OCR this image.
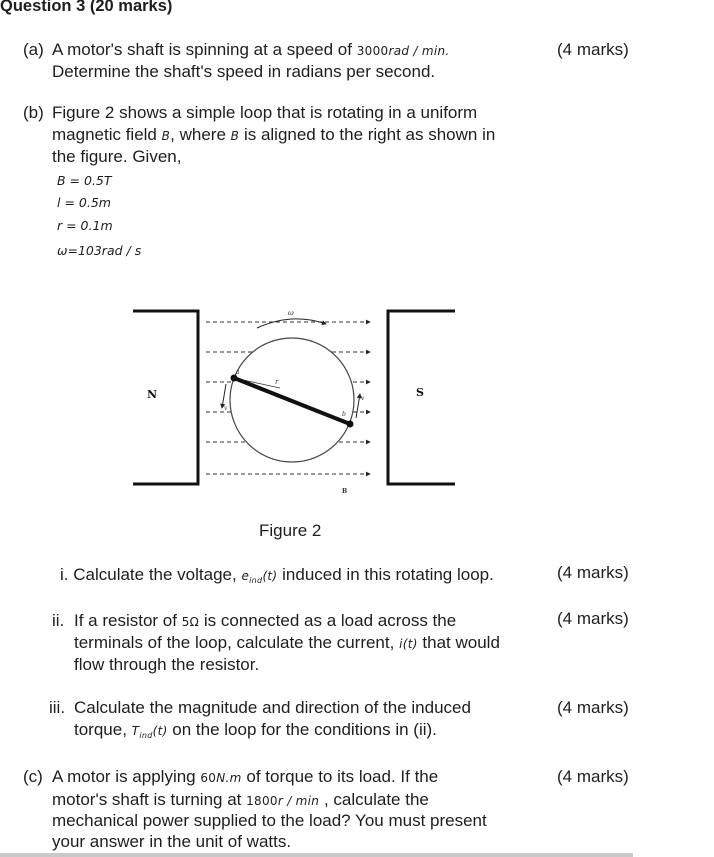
Question 3 (20 marks)
(a) A motor's shaft is spinning at a speed of 3000rad / min.
Determine the shaft's speed in radians per second.
(4 marks)
(b) Figure 2 shows a simple loop that is rotating in a uniform
magnetic field B, where B is aligned to the right as shown in
the figure. Given,
B = 0.5T
l = 0.5m
r = 0.1m
ω=103rad / s
ω
r
v
v
b
a
N	S
B
Figure 2
i. Calculate the voltage, $e_{ind}(t)$ induced in this rotating loop.	(4 marks)
ii. If a resistor of 5Ω is connected as a load across the
terminals of the loop, calculate the current, i(t) that would
flow through the resistor.
(4 marks)
iii. Calculate the magnitude and direction of the induced
torque, $T_{ind}(t)$ on the loop for the conditions in (ii).
(4 marks)
(c) A motor is applying 60N.m of torque to its load. If the
motor's shaft is turning at 1800r / min , calculate the
mechanical power supplied to the load? You must present
your answer in the unit of watts.
(4 marks)
